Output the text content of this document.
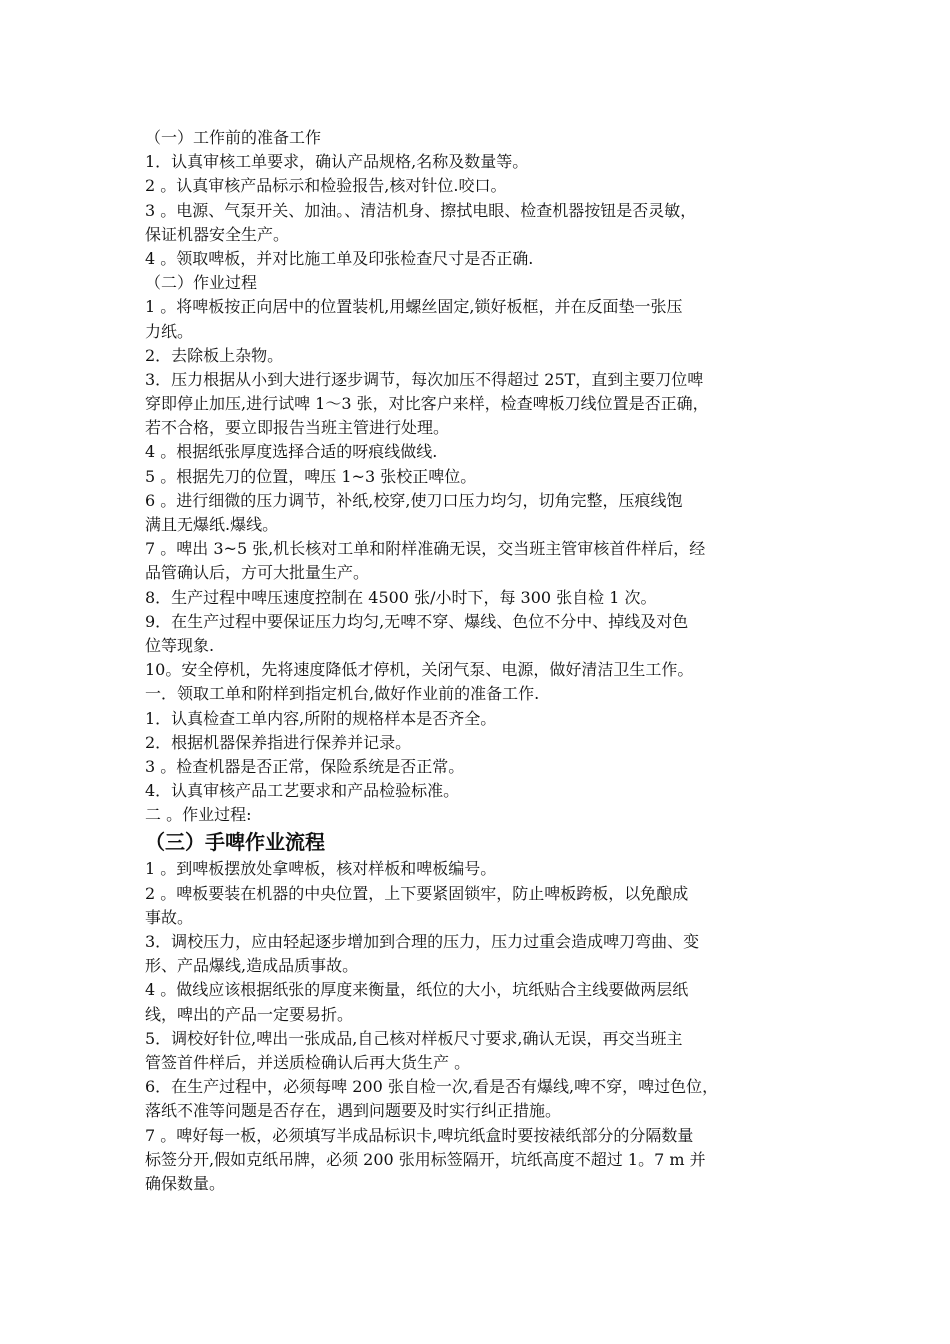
（一）工作前的准备工作
1．认真审核工单要求，确认产品规格,名称及数量等。
2 。认真审核产品标示和检验报告,核对针位.咬口。
3 。电源、气泵开关、加油。、清洁机身、擦拭电眼、检查机器按钮是否灵敏，
保证机器安全生产。
4 。领取啤板，并对比施工单及印张检查尺寸是否正确.
（二）作业过程
1 。将啤板按正向居中的位置装机,用螺丝固定,锁好板框，并在反面垫一张压
力纸。
2．去除板上杂物。
3．压力根据从小到大进行逐步调节，每次加压不得超过 25T，直到主要刀位啤
穿即停止加压,进行试啤 1～3 张，对比客户来样，检查啤板刀线位置是否正确，
若不合格，要立即报告当班主管进行处理。
4 。根据纸张厚度选择合适的呀痕线做线.
5 。根据先刀的位置，啤压 1~3 张校正啤位。
6 。进行细微的压力调节，补纸,校穿,使刀口压力均匀，切角完整，压痕线饱
满且无爆纸.爆线。
7 。啤出 3~5 张,机长核对工单和附样准确无误，交当班主管审核首件样后，经
品管确认后，方可大批量生产。
8．生产过程中啤压速度控制在 4500 张/小时下，每 300 张自检 1 次。
9．在生产过程中要保证压力均匀,无啤不穿、爆线、色位不分中、掉线及对色
位等现象.
10。安全停机，先将速度降低才停机，关闭气泵、电源，做好清洁卫生工作。
一．领取工单和附样到指定机台,做好作业前的准备工作.
1．认真检查工单内容,所附的规格样本是否齐全。
2．根据机器保养指进行保养并记录。
3 。检查机器是否正常，保险系统是否正常。
4．认真审核产品工艺要求和产品检验标准。
二 。作业过程:
（三）手啤作业流程
1 。到啤板摆放处拿啤板，核对样板和啤板编号。
2 。啤板要装在机器的中央位置，上下要紧固锁牢，防止啤板跨板，以免酿成
事故。
3．调校压力，应由轻起逐步增加到合理的压力，压力过重会造成啤刀弯曲、变
形、产品爆线,造成品质事故。
4 。做线应该根据纸张的厚度来衡量，纸位的大小，坑纸贴合主线要做两层纸
线，啤出的产品一定要易折。
5．调校好针位,啤出一张成品,自己核对样板尺寸要求,确认无误，再交当班主
管签首件样后，并送质检确认后再大货生产 。
6．在生产过程中，必须每啤 200 张自检一次,看是否有爆线,啤不穿，啤过色位，
落纸不准等问题是否存在，遇到问题要及时实行纠正措施。
7 。啤好每一板，必须填写半成品标识卡,啤坑纸盒时要按裱纸部分的分隔数量
标签分开,假如克纸吊牌，必须 200 张用标签隔开，坑纸高度不超过 1。7 m 并
确保数量。
